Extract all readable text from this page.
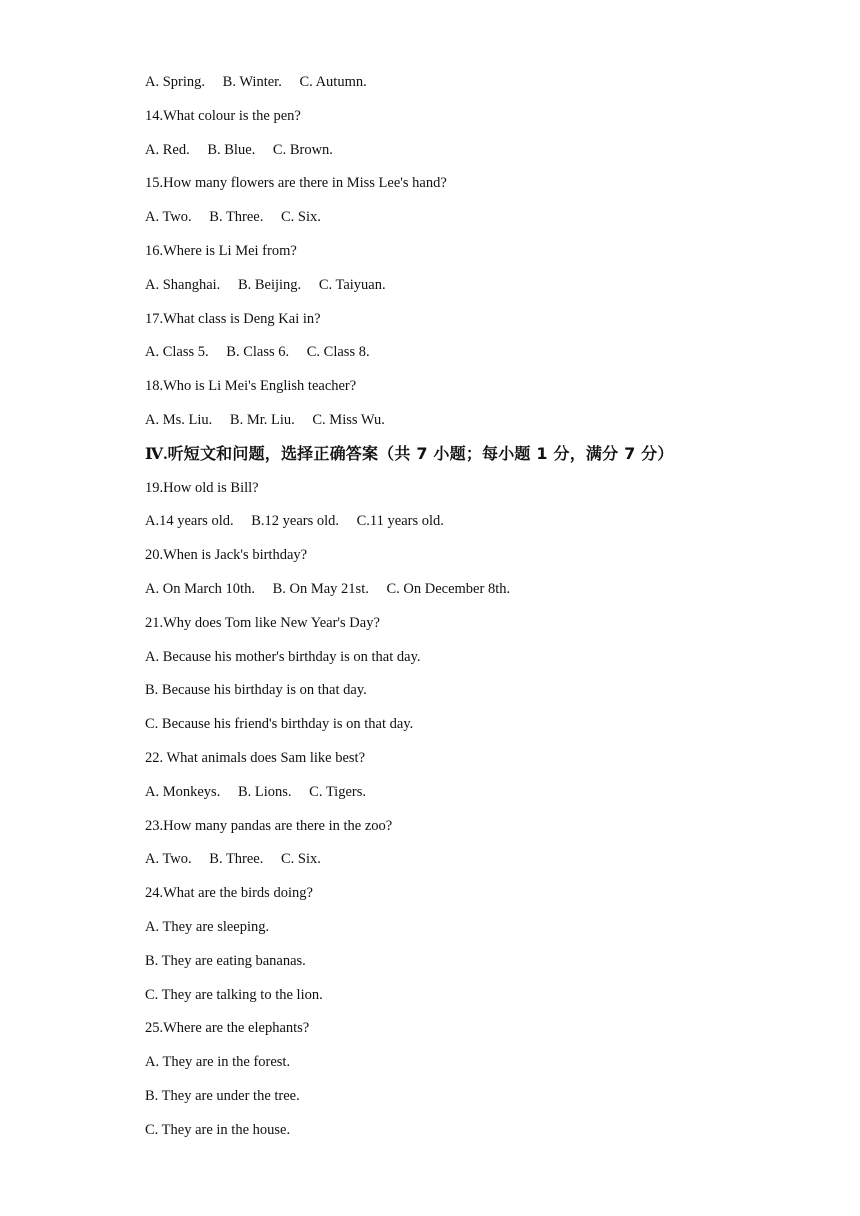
A. Spring. B. Winter. C. Autumn.
14.What colour is the pen?
A. Red. B. Blue. C. Brown.
15.How many flowers are there in Miss Lee's hand?
A. Two. B. Three. C. Six.
16.Where is Li Mei from?
A. Shanghai. B. Beijing. C. Taiyuan.
17.What class is Deng Kai in?
A. Class 5. B. Class 6. C. Class 8.
18.Who is Li Mei's English teacher?
A. Ms. Liu. B. Mr. Liu. C. Miss Wu.
Ⅳ.听短文和问题，选择正确答案（共 7 小题；每小题 1 分，满分 7 分）
19.How old is Bill?
A.14 years old. B.12 years old. C.11 years old.
20.When is Jack's birthday?
A. On March 10th. B. On May 21st. C. On December 8th.
21.Why does Tom like New Year's Day?
A. Because his mother's birthday is on that day.
B. Because his birthday is on that day.
C. Because his friend's birthday is on that day.
22. What animals does Sam like best?
A. Monkeys. B. Lions. C. Tigers.
23.How many pandas are there in the zoo?
A. Two. B. Three. C. Six.
24.What are the birds doing?
A. They are sleeping.
B. They are eating bananas.
C. They are talking to the lion.
25.Where are the elephants?
A. They are in the forest.
B. They are under the tree.
C. They are in the house.
